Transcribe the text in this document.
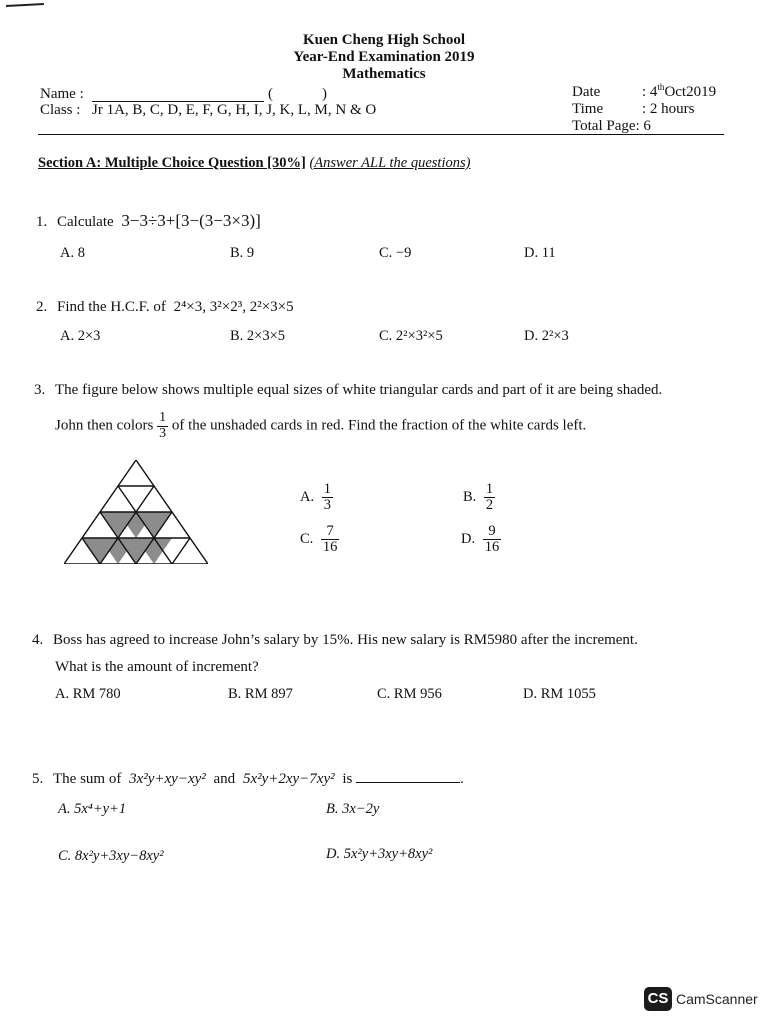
Kuen Cheng High School
Year-End Examination 2019
Mathematics
Name :	(	)
Class : Jr 1A, B, C, D, E, F, G, H, I, J, K, L, M, N & O
Date	: 4thOct2019
Time	: 2 hours
Total Page: 6
Section A: Multiple Choice Question [30%] (Answer ALL the questions)
1. Calculate 3−3÷3+[3−(3−3×3)]
A. 8	B. 9	C. −9	D. 11
2. Find the H.C.F. of 2⁴×3, 3²×2³, 2²×3×5
A. 2×3	B. 2×3×5	C. 2²×3²×5	D. 2²×3
3. The figure below shows multiple equal sizes of white triangular cards and part of it are being shaded.
John then colors $\frac{1}{3}$ of the unshaded cards in red. Find the fraction of the white cards left.
A. $\frac{1}{3}$	B. $\frac{1}{2}$
C. $\frac{7}{16}$	D. $\frac{9}{16}$
4. Boss has agreed to increase John’s salary by 15%. His new salary is RM5980 after the increment.
What is the amount of increment?
A. RM 780	B. RM 897	C. RM 956	D. RM 1055
5. The sum of 3x²y+xy−xy² and 5x²y+2xy−7xy² is	.
A. 5x⁴+y+1	B. 3x−2y
C. 8x²y+3xy−8xy²	D. 5x²y+3xy+8xy²
CS CamScanner
